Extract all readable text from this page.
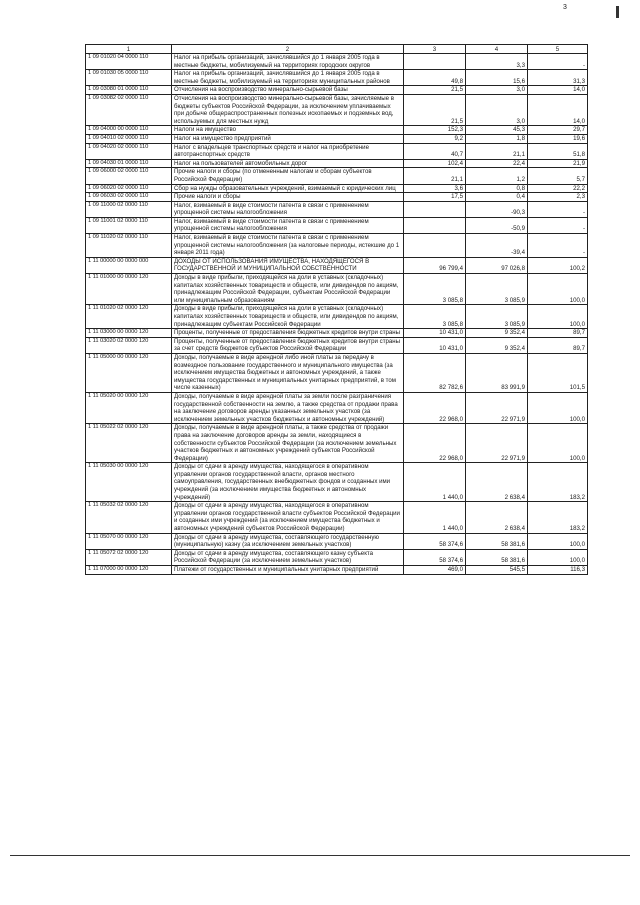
3
1	2	3	4	5
1 09 01020 04 0000 110	Налог на прибыль организаций, зачислявшийся до 1 января 2005 года в местные бюджеты, мобилизуемый на территориях городских округов		3,3	-
1 09 01030 05 0000 110	Налог на прибыль организаций, зачислявшийся до 1 января 2005 года в местные бюджеты, мобилизуемый на территориях муниципальных районов	49,8	15,6	31,3
1 09 03080 01 0000 110	Отчисления на воспроизводство минерально-сырьевой базы	21,5	3,0	14,0
1 09 03082 02 0000 110	Отчисления на воспроизводство минерально-сырьевой базы, зачисляемые в бюджеты субъектов Российской Федерации, за исключением уплачиваемых при добыче общераспространенных полезных ископаемых и подземных вод, используемых для местных нужд	21,5	3,0	14,0
1 09 04000 00 0000 110	Налоги на имущество	152,3	45,3	29,7
1 09 04010 02 0000 110	Налог на имущество предприятий	9,2	1,8	19,6
1 09 04020 02 0000 110	Налог с владельцев транспортных средств и налог на приобретение автотранспортных средств	40,7	21,1	51,8
1 09 04030 01 0000 110	Налог на пользователей автомобильных дорог	102,4	22,4	21,9
1 09 06000 02 0000 110	Прочие налоги и сборы (по отмененным налогам и сборам субъектов Российской Федерации)	21,1	1,2	5,7
1 09 06020 02 0000 110	Сбор на нужды образовательных учреждений, взимаемый с юридических лиц	3,6	0,8	22,2
1 09 06030 02 0000 110	Прочие налоги и сборы	17,5	0,4	2,3
1 09 11000 02 0000 110	Налог, взимаемый в виде стоимости патента в связи с применением упрощенной системы налогообложения		-90,3	-
1 09 11001 02 0000 110	Налог, взимаемый в виде стоимости патента в связи с применением упрощенной системы налогообложения		-50,9	-
1 09 11020 02 0000 110	Налог, взимаемый в виде стоимости патента в связи с применением упрощенной системы налогообложения (за налоговые периоды, истекшие до 1 января 2011 года)		-39,4	-
1 11 00000 00 0000 000	ДОХОДЫ ОТ ИСПОЛЬЗОВАНИЯ ИМУЩЕСТВА, НАХОДЯЩЕГОСЯ В ГОСУДАРСТВЕННОЙ И МУНИЦИПАЛЬНОЙ СОБСТВЕННОСТИ	96 799,4	97 026,8	100,2
1 11 01000 00 0000 120	Доходы в виде прибыли, приходящейся на доли в уставных (складочных) капиталах хозяйственных товариществ и обществ, или дивидендов по акциям, принадлежащим Российской Федерации, субъектам Российской Федерации или муниципальным образованиям	3 085,8	3 085,9	100,0
1 11 01020 02 0000 120	Доходы в виде прибыли, приходящейся на доли в уставных (складочных) капиталах хозяйственных товариществ и обществ, или дивидендов по акциям, принадлежащим субъектам Российской Федерации	3 085,8	3 085,9	100,0
1 11 03000 00 0000 120	Проценты, полученные от предоставления бюджетных кредитов внутри страны	10 431,0	9 352,4	89,7
1 11 03020 02 0000 120	Проценты, полученные от предоставления бюджетных кредитов внутри страны за счет средств бюджетов субъектов Российской Федерации	10 431,0	9 352,4	89,7
1 11 05000 00 0000 120	Доходы, получаемые в виде арендной либо иной платы за передачу в возмездное пользование государственного и муниципального имущества (за исключением имущества бюджетных и автономных учреждений, а также имущества государственных и муниципальных унитарных предприятий, в том числе казенных)	82 782,6	83 991,9	101,5
1 11 05020 00 0000 120	Доходы, получаемые в виде арендной платы за земли после разграничения государственной собственности на землю, а также средства от продажи права на заключение договоров аренды указанных земельных участков (за исключением земельных участков бюджетных и автономных учреждений)	22 968,0	22 971,9	100,0
1 11 05022 02 0000 120	Доходы, получаемые в виде арендной платы, а также средства от продажи права на заключение договоров аренды за земли, находящиеся в собственности субъектов Российской Федерации (за исключением земельных участков бюджетных и автономных учреждений субъектов Российской Федерации)	22 968,0	22 971,9	100,0
1 11 05030 00 0000 120	Доходы от сдачи в аренду имущества, находящегося в оперативном управлении органов государственной власти, органов местного самоуправления, государственных внебюджетных фондов и созданных ими учреждений (за исключением имущества бюджетных и автономных учреждений)	1 440,0	2 638,4	183,2
1 11 05032 02 0000 120	Доходы от сдачи в аренду имущества, находящегося в оперативном управлении органов государственной власти субъектов Российской Федерации и созданных ими учреждений (за исключением имущества бюджетных и автономных учреждений субъектов Российской Федерации)	1 440,0	2 638,4	183,2
1 11 05070 00 0000 120	Доходы от сдачи в аренду имущества, составляющего государственную (муниципальную) казну (за исключением земельных участков)	58 374,6	58 381,6	100,0
1 11 05072 02 0000 120	Доходы от сдачи в аренду имущества, составляющего казну субъекта Российской Федерации (за исключением земельных участков)	58 374,6	58 381,6	100,0
1 11 07000 00 0000 120	Платежи от государственных и муниципальных унитарных предприятий	469,0	545,5	116,3
